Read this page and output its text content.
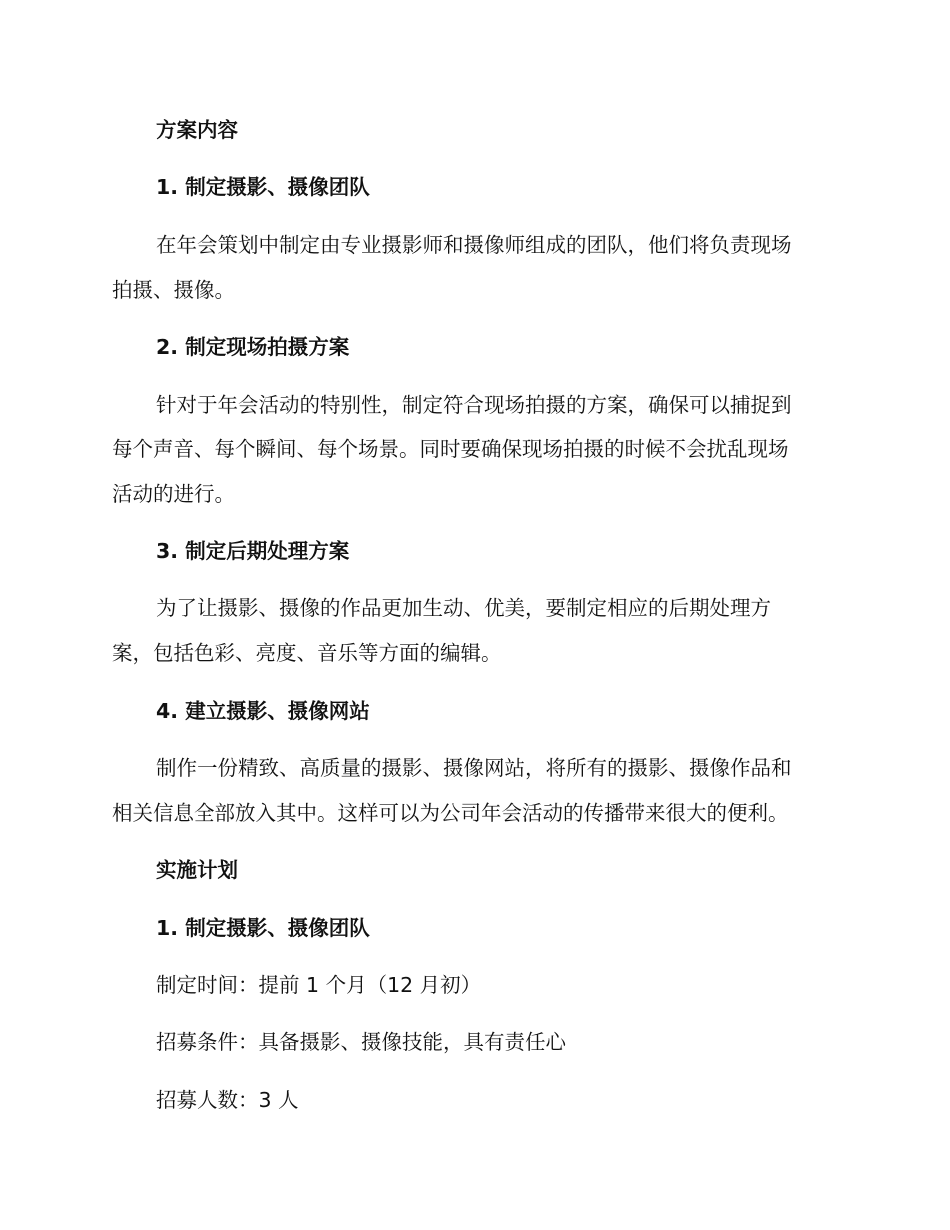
方案内容
1. 制定摄影、摄像团队
在年会策划中制定由专业摄影师和摄像师组成的团队，他们将负责现场
拍摄、摄像。
2. 制定现场拍摄方案
针对于年会活动的特别性，制定符合现场拍摄的方案，确保可以捕捉到
每个声音、每个瞬间、每个场景。同时要确保现场拍摄的时候不会扰乱现场
活动的进行。
3. 制定后期处理方案
为了让摄影、摄像的作品更加生动、优美，要制定相应的后期处理方
案，包括色彩、亮度、音乐等方面的编辑。
4. 建立摄影、摄像网站
制作一份精致、高质量的摄影、摄像网站，将所有的摄影、摄像作品和
相关信息全部放入其中。这样可以为公司年会活动的传播带来很大的便利。
实施计划
1. 制定摄影、摄像团队
制定时间：提前 1 个月（12 月初）
招募条件：具备摄影、摄像技能，具有责任心
招募人数：3 人
